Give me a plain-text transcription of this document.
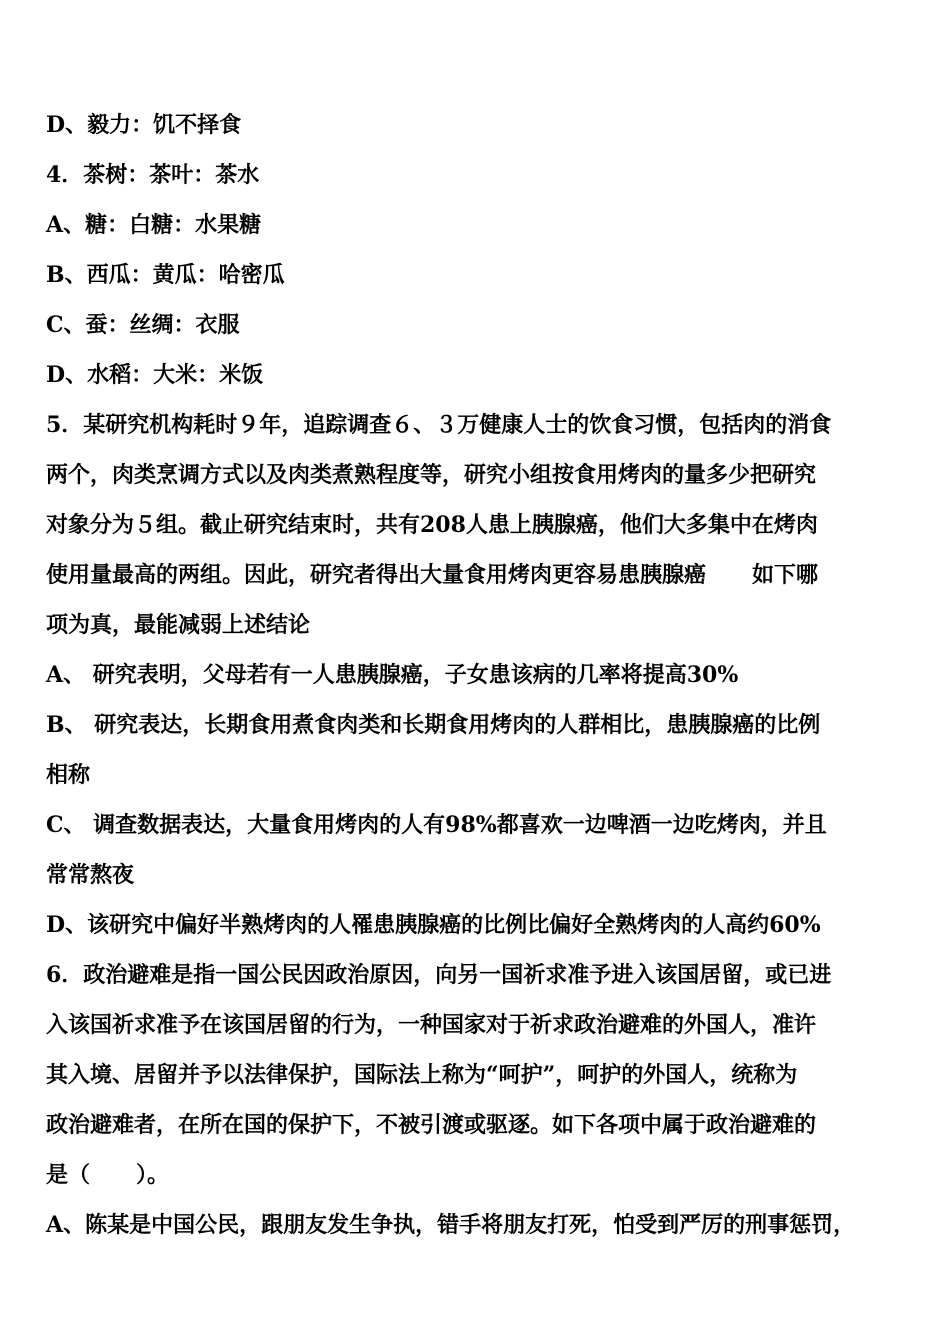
D、毅力：饥不择食
4．茶树：茶叶：茶水
A、糖：白糖：水果糖
B、西瓜：黄瓜：哈密瓜
C、蚕：丝绸：衣服
D、水稻：大米：米饭
5．某研究机构耗时９年，追踪调查６、３万健康人士的饮食习惯，包括肉的消食
两个，肉类烹调方式以及肉类煮熟程度等，研究小组按食用烤肉的量多少把研究
对象分为５组。截止研究结束时，共有208人患上胰腺癌，他们大多集中在烤肉
使用量最高的两组。因此，研究者得出大量食用烤肉更容易患胰腺癌      如下哪
项为真，最能减弱上述结论
A、 研究表明，父母若有一人患胰腺癌，子女患该病的几率将提高30%
B、 研究表达，长期食用煮食肉类和长期食用烤肉的人群相比，患胰腺癌的比例
相称
C、 调查数据表达，大量食用烤肉的人有98%都喜欢一边啤酒一边吃烤肉，并且
常常熬夜
D、该研究中偏好半熟烤肉的人罹患胰腺癌的比例比偏好全熟烤肉的人高约60%
6．政治避难是指一国公民因政治原因，向另一国祈求准予进入该国居留，或已进
入该国祈求准予在该国居留的行为，一种国家对于祈求政治避难的外国人，准许
其入境、居留并予以法律保护，国际法上称为“呵护”，呵护的外国人，统称为
政治避难者，在所在国的保护下，不被引渡或驱逐。如下各项中属于政治避难的
是（      ）。
A、陈某是中国公民，跟朋友发生争执，错手将朋友打死，怕受到严厉的刑事惩罚，
